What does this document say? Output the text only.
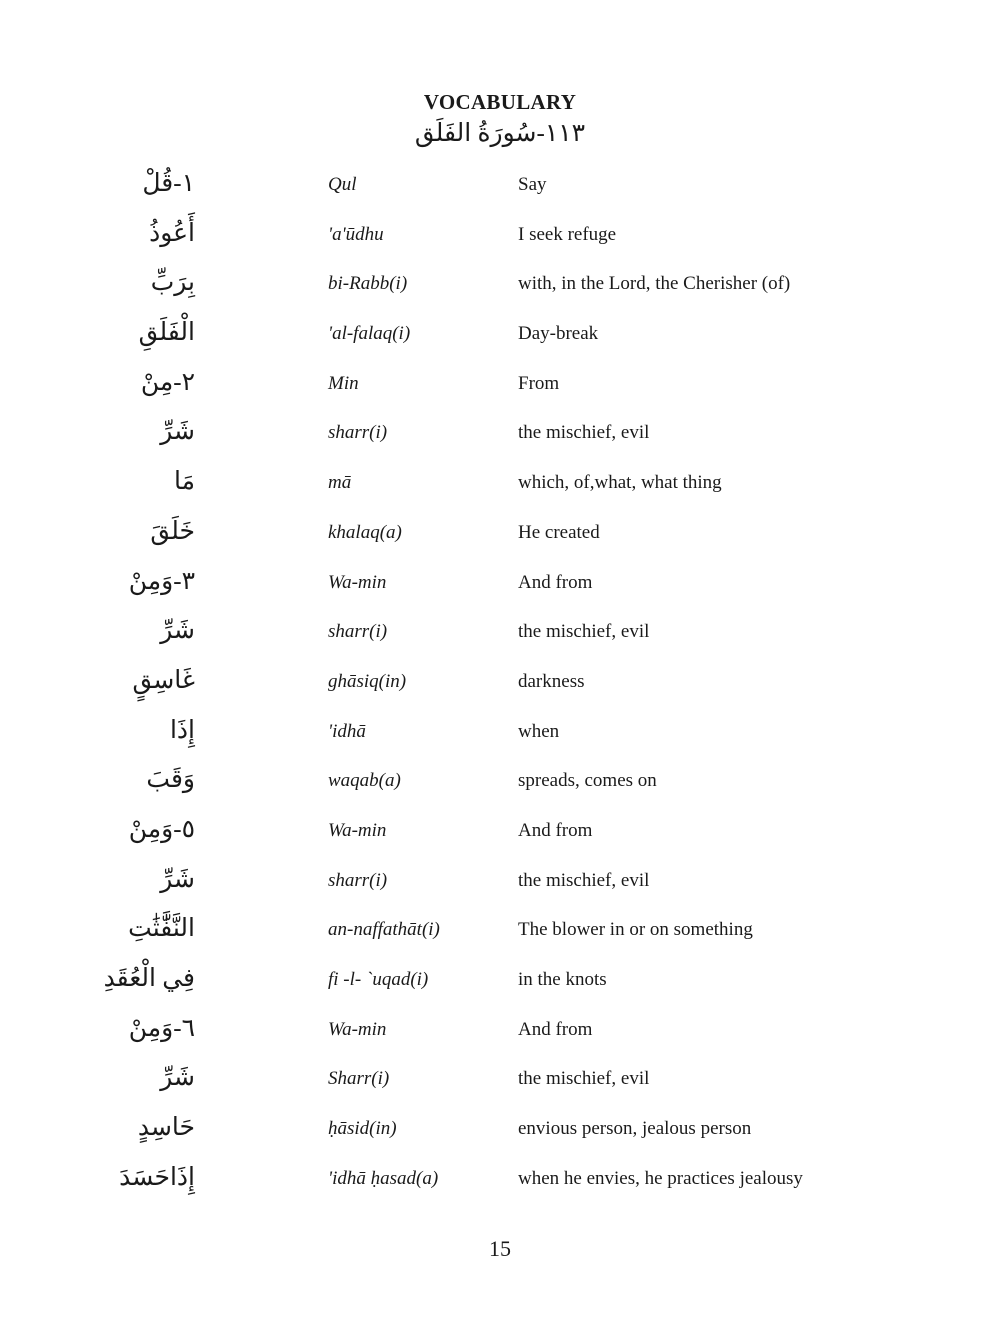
VOCABULARY
١١٣-سُورَةُ الفَلَق
١-قُلْ	Qul	Say
أَعُوذُ	'a'ūdhu	I seek refuge
بِرَبِّ	bi-Rabb(i)	with, in the Lord, the Cherisher (of)
الْفَلَقِ	'al-falaq(i)	Day-break
٢-مِنْ	Min	From
شَرِّ	sharr(i)	the mischief, evil
مَا	mā	which, of,what, what thing
خَلَقَ	khalaq(a)	He created
٣-وَمِنْ	Wa-min	And from
شَرِّ	sharr(i)	the mischief, evil
غَاسِقٍ	ghāsiq(in)	darkness
إِذَا	'idhā	when
وَقَبَ	waqab(a)	spreads, comes on
٥-وَمِنْ	Wa-min	And from
شَرِّ	sharr(i)	the mischief, evil
النَّفَّٰثَٰتِ	an-naffathāt(i)	The blower in or on something
فِي الْعُقَدِ	fi -l- `uqad(i)	in the knots
٦-وَمِنْ	Wa-min	And from
شَرِّ	Sharr(i)	the mischief, evil
حَاسِدٍ	ḥāsid(in)	envious person, jealous person
إِذَاحَسَدَ	'idhā ḥasad(a)	when he envies, he practices jealousy
15
